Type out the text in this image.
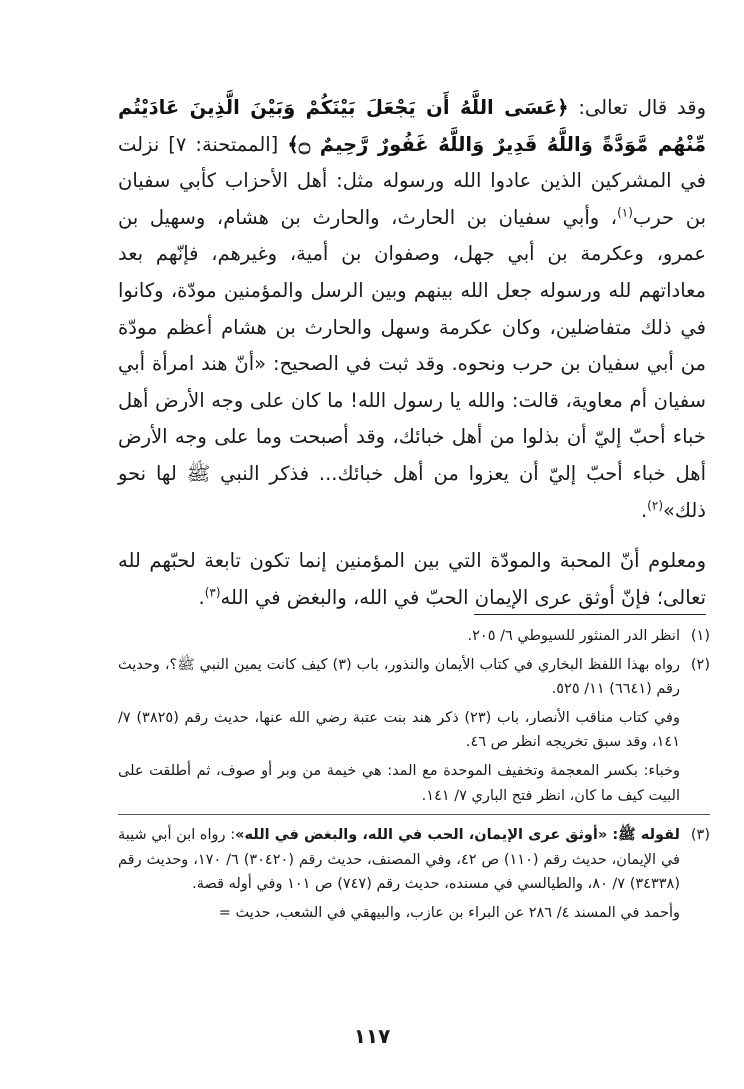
وقد قال تعالى: ﴿عَسَى اللَّهُ أَن يَجْعَلَ بَيْنَكُمْ وَبَيْنَ الَّذِينَ عَادَيْتُم مِّنْهُم مَّوَدَّةً وَاللَّهُ قَدِيرٌ وَاللَّهُ غَفُورٌ رَّحِيمٌ ۝﴾ [الممتحنة: ٧] نزلت في المشركين الذين عادوا الله ورسوله مثل: أهل الأحزاب كأبي سفيان بن حرب$^{(١)}$، وأبي سفيان بن الحارث، والحارث بن هشام، وسهيل بن عمرو، وعكرمة بن أبي جهل، وصفوان بن أمية، وغيرهم، فإنّهم بعد معاداتهم لله ورسوله جعل الله بينهم وبين الرسل والمؤمنين مودّة، وكانوا في ذلك متفاضلين، وكان عكرمة وسهل والحارث بن هشام أعظم مودّة من أبي سفيان بن حرب ونحوه. وقد ثبت في الصحيح: «أنّ هند امرأة أبي سفيان أم معاوية، قالت: والله يا رسول الله! ما كان على وجه الأرض أهل خباء أحبّ إليّ أن بذلوا من أهل خبائك، وقد أصبحت وما على وجه الأرض أهل خباء أحبّ إليّ أن يعزوا من أهل خبائك... فذكر النبي ﷺ لها نحو ذلك»$^{(٢)}$.

ومعلوم أنّ المحبة والمودّة التي بين المؤمنين إنما تكون تابعة لحبّهم لله تعالى؛ فإنّ أوثق عرى الإيمان الحبّ في الله، والبغض في الله$^{(٣)}$.

(١)
انظر الدر المنثور للسيوطي ٦/ ٢٠٥.
(٢)
رواه بهذا اللفظ البخاري في كتاب الأيمان والنذور، باب (٣) كيف كانت يمين النبي ﷺ؟، وحديث رقم (٦٦٤١) ١١/ ٥٢٥.
وفي كتاب مناقب الأنصار، باب (٢٣) ذكر هند بنت عتبة رضي الله عنها، حديث رقم (٣٨٢٥) ٧/ ١٤١، وقد سبق تخريجه انظر ص ٤٦.
وخباء: بكسر المعجمة وتخفيف الموحدة مع المد: هي خيمة من وبر أو صوف، ثم أطلقت على البيت كيف ما كان، انظر فتح الباري ٧/ ١٤١.
(٣)
لقوله ﷺ: «أوثق عرى الإيمان، الحب في الله، والبغض في الله»: رواه ابن أبي شيبة في الإيمان، حديث رقم (١١٠) ص ٤٢، وفي المصنف، حديث رقم (٣٠٤٢٠) ٦/ ١٧٠، وحديث رقم (٣٤٣٣٨) ٧/ ٨٠، والطيالسي في مسنده، حديث رقم (٧٤٧) ص ١٠١ وفي أوله قصة.
وأحمد في المسند ٤/ ٢٨٦ عن البراء بن عازب، والبيهقي في الشعب، حديث =
١١٧
